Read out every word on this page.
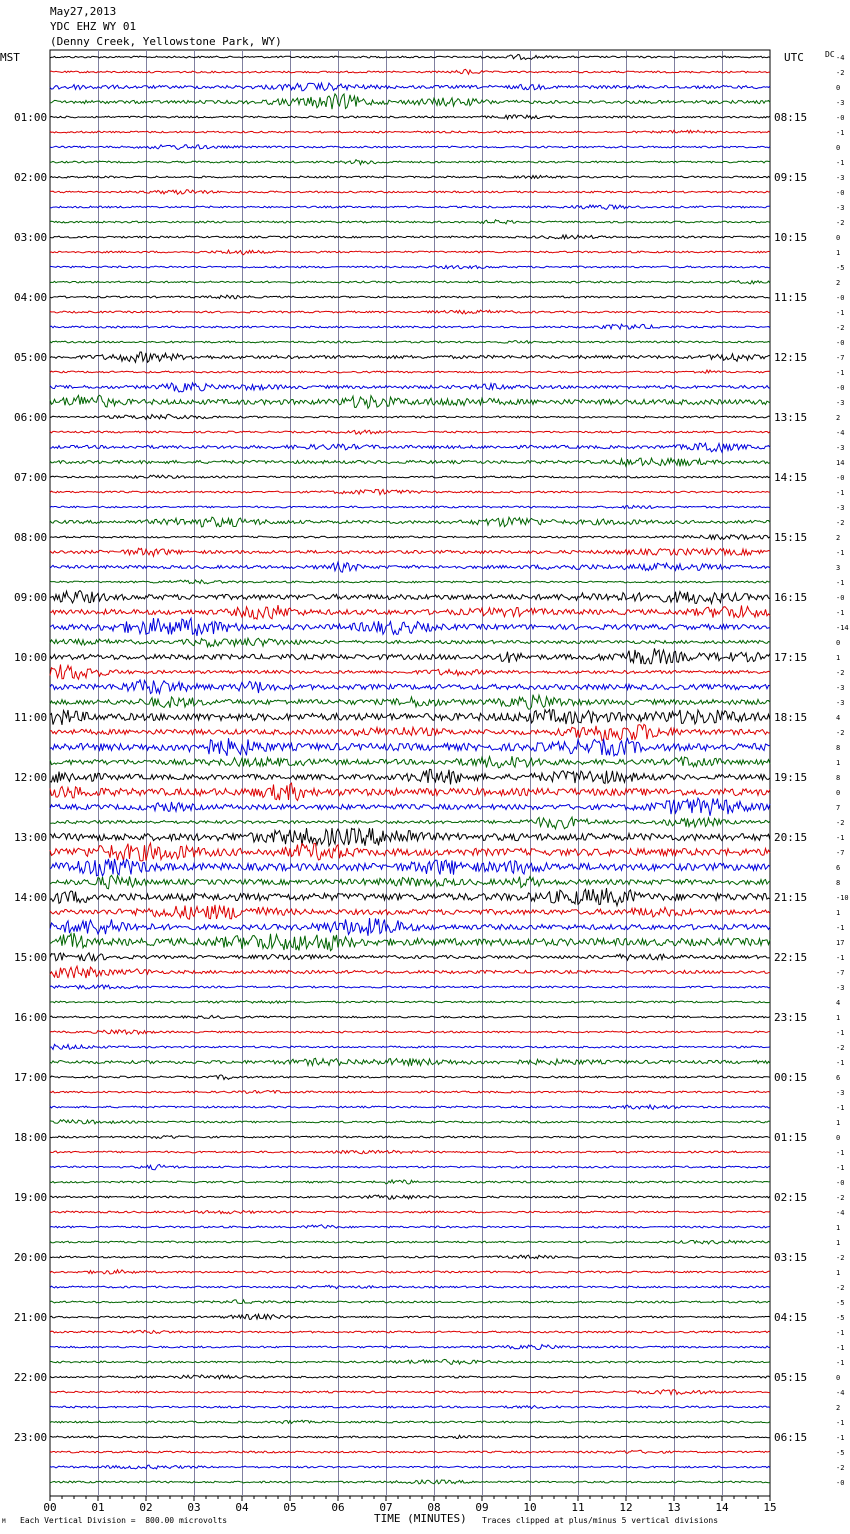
01:00
02:00
03:00
04:00
05:00
06:00
07:00
08:00
09:00
10:00
11:00
12:00
13:00
14:00
15:00
16:00
17:00
18:00
19:00
20:00
21:00
22:00
23:00
08:15
09:15
10:15
11:15
12:15
13:15
14:15
15:15
16:15
17:15
18:15
19:15
20:15
21:15
22:15
23:15
00:15
01:15
02:15
03:15
04:15
05:15
06:15
-4
-2
0
-3
-0
-1
0
-1
-3
-0
-3
-2
0
1
-5
2
-0
-1
-2
-0
-7
-1
-0
-3
2
-4
-3
14
-0
-1
-3
-2
2
-1
3
-1
-0
-1
-14
0
1
-2
-3
-3
4
-2
8
1
8
0
7
-2
-1
-7
6
8
-10
1
-1
17
-1
-7
-3
4
1
-1
-2
-1
6
-3
-1
1
0
-1
-1
-0
-2
-4
1
1
-2
1
-2
-5
-5
-1
-1
-1
0
-4
2
-1
-1
-5
-2
-0
00	01	02	03	04	05	06	07	08	09	10	11	12	13	14	15
May27,2013
YDC EHZ WY 01
(Denny Creek, Yellowstone Park, WY)
MST	UTC	DC
M Each Vertical Division =  800.00 microvolts	TIME (MINUTES) Traces clipped at plus/minus 5 vertical divisions
